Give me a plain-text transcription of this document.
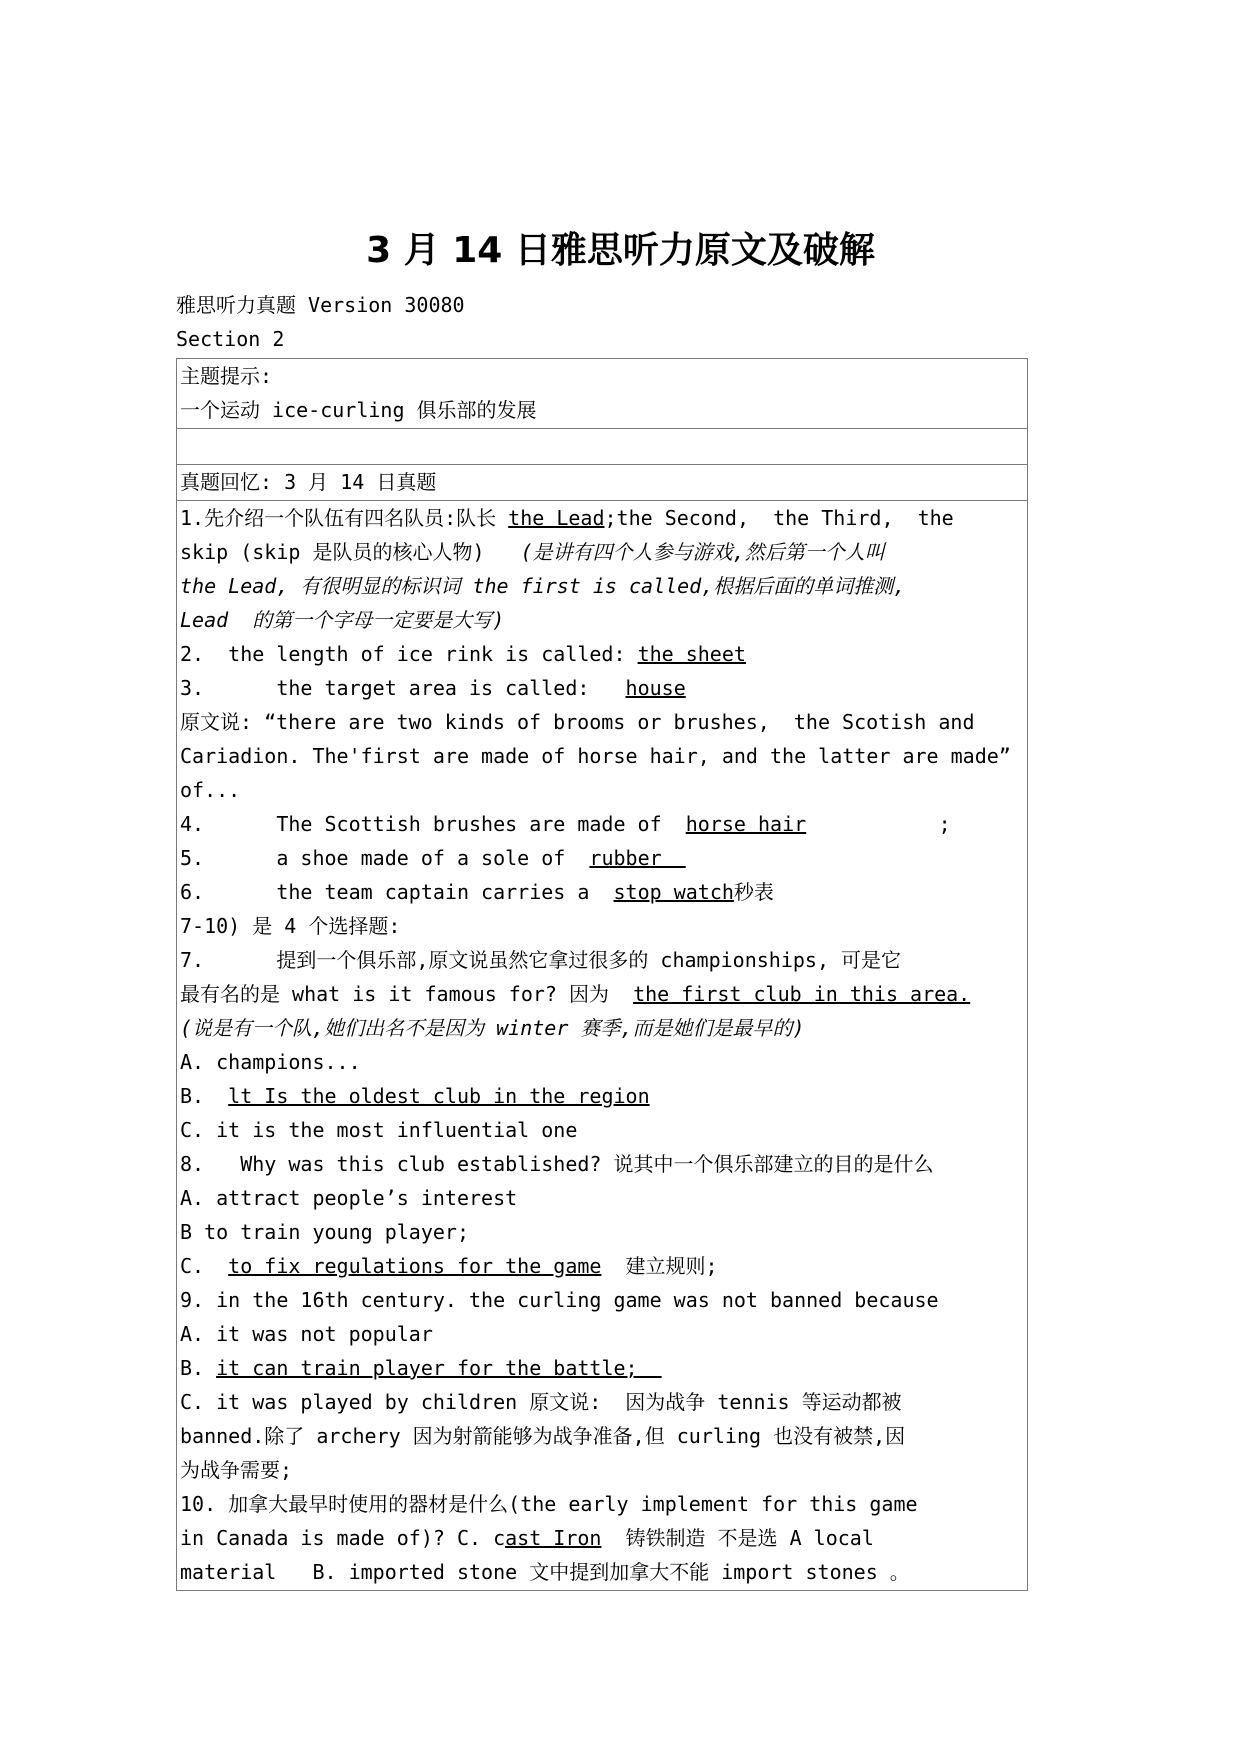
3 月 14 日雅思听力原文及破解
雅思听力真题 Version 30080
Section 2
主题提示:
一个运动 ice-curling 俱乐部的发展
真题回忆: 3 月 14 日真题
1.先介绍一个队伍有四名队员:队长 the Lead;the Second,  the Third,  the
skip (skip 是队员的核心人物)   (是讲有四个人参与游戏,然后第一个人叫
the Lead, 有很明显的标识词 the first is called,根据后面的单词推测,
Lead  的第一个字母一定要是大写)
2.  the length of ice rink is called: the sheet
3.      the target area is called:   house
原文说: “there are two kinds of brooms or brushes,  the Scotish and
Cariadion. The'first are made of horse hair, and the latter are made”
of...
4.      The Scottish brushes are made of  horse hair           ;
5.      a shoe made of a sole of  rubber
6.      the team captain carries a  stop watch秒表
7-10) 是 4 个选择题:
7.      提到一个俱乐部,原文说虽然它拿过很多的 championships, 可是它
最有名的是 what is it famous for? 因为  the first club in this area.
(说是有一个队,她们出名不是因为 winter 赛季,而是她们是最早的)
A. champions...
B.  lt Is the oldest club in the region
C. it is the most influential one
8.   Why was this club established? 说其中一个俱乐部建立的目的是什么
A. attract people’s interest
B to train young player;
C.  to fix regulations for the game  建立规则;
9. in the 16th century. the curling game was not banned because
A. it was not popular
B. it can train player for the battle;
C. it was played by children 原文说:  因为战争 tennis 等运动都被
banned.除了 archery 因为射箭能够为战争准备,但 curling 也没有被禁,因
为战争需要;
10. 加拿大最早时使用的器材是什么(the early implement for this game
in Canada is made of)? C. cast Iron  铸铁制造 不是选 A local
material   B. imported stone 文中提到加拿大不能 import stones 。
